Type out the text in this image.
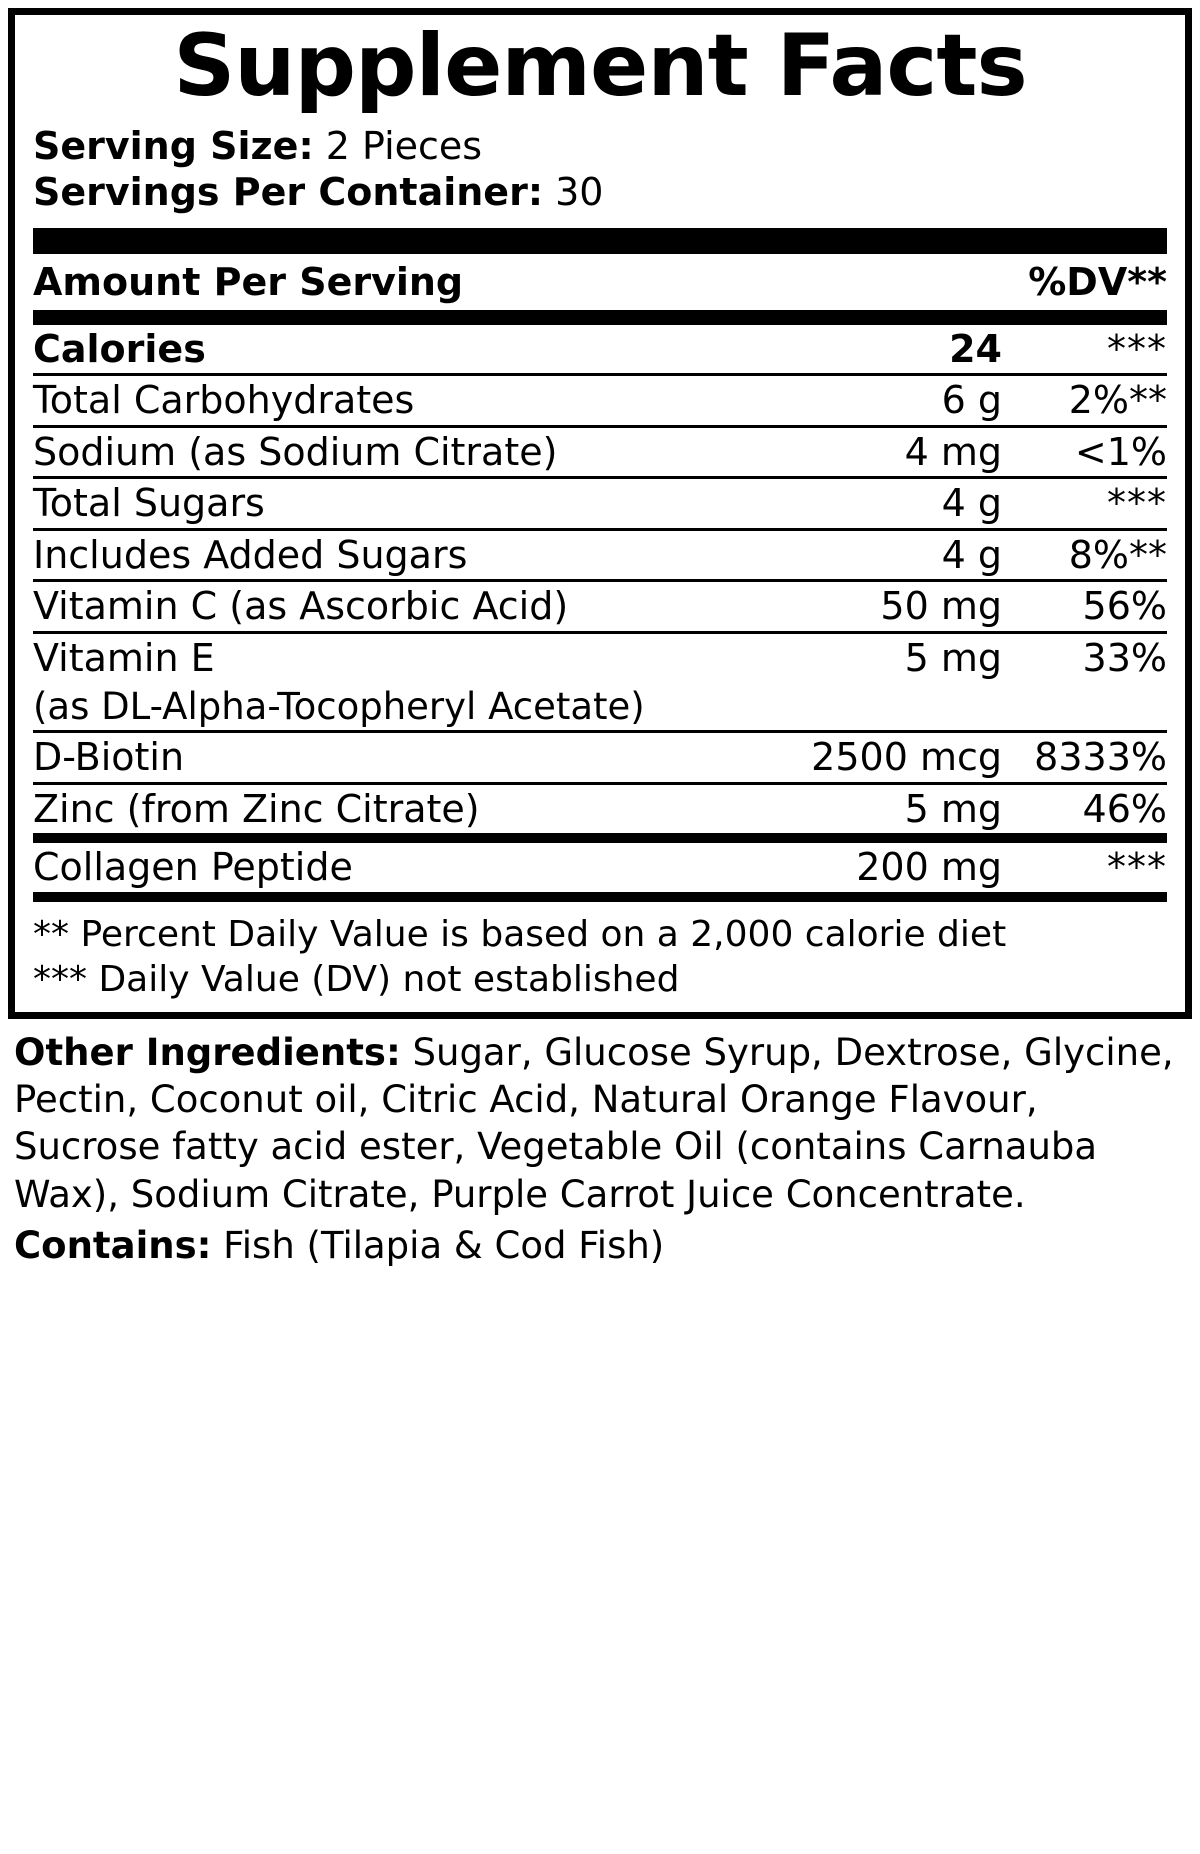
Supplement Facts
Serving Size: 2 Pieces
Servings Per Container: 30
Amount Per Serving	%DV**
Calories	24	***
Total Carbohydrates	6 g	2%**
Sodium (as Sodium Citrate)	4 mg	<1%
Total Sugars	4 g	***
Includes Added Sugars	4 g	8%**
Vitamin C (as Ascorbic Acid)	50 mg	56%
Vitamin E	5 mg	33%
(as DL-Alpha-Tocopheryl Acetate)		
D-Biotin	2500 mcg	8333%
Zinc (from Zinc Citrate)	5 mg	46%
Collagen Peptide	200 mg	***
** Percent Daily Value is based on a 2,000 calorie diet
*** Daily Value (DV) not established
Other Ingredients: Sugar, Glucose Syrup, Dextrose, Glycine, Pectin, Coconut oil, Citric Acid, Natural Orange Flavour, Sucrose fatty acid ester, Vegetable Oil (contains Carnauba Wax), Sodium Citrate, Purple Carrot Juice Concentrate.
Contains: Fish (Tilapia & Cod Fish)
